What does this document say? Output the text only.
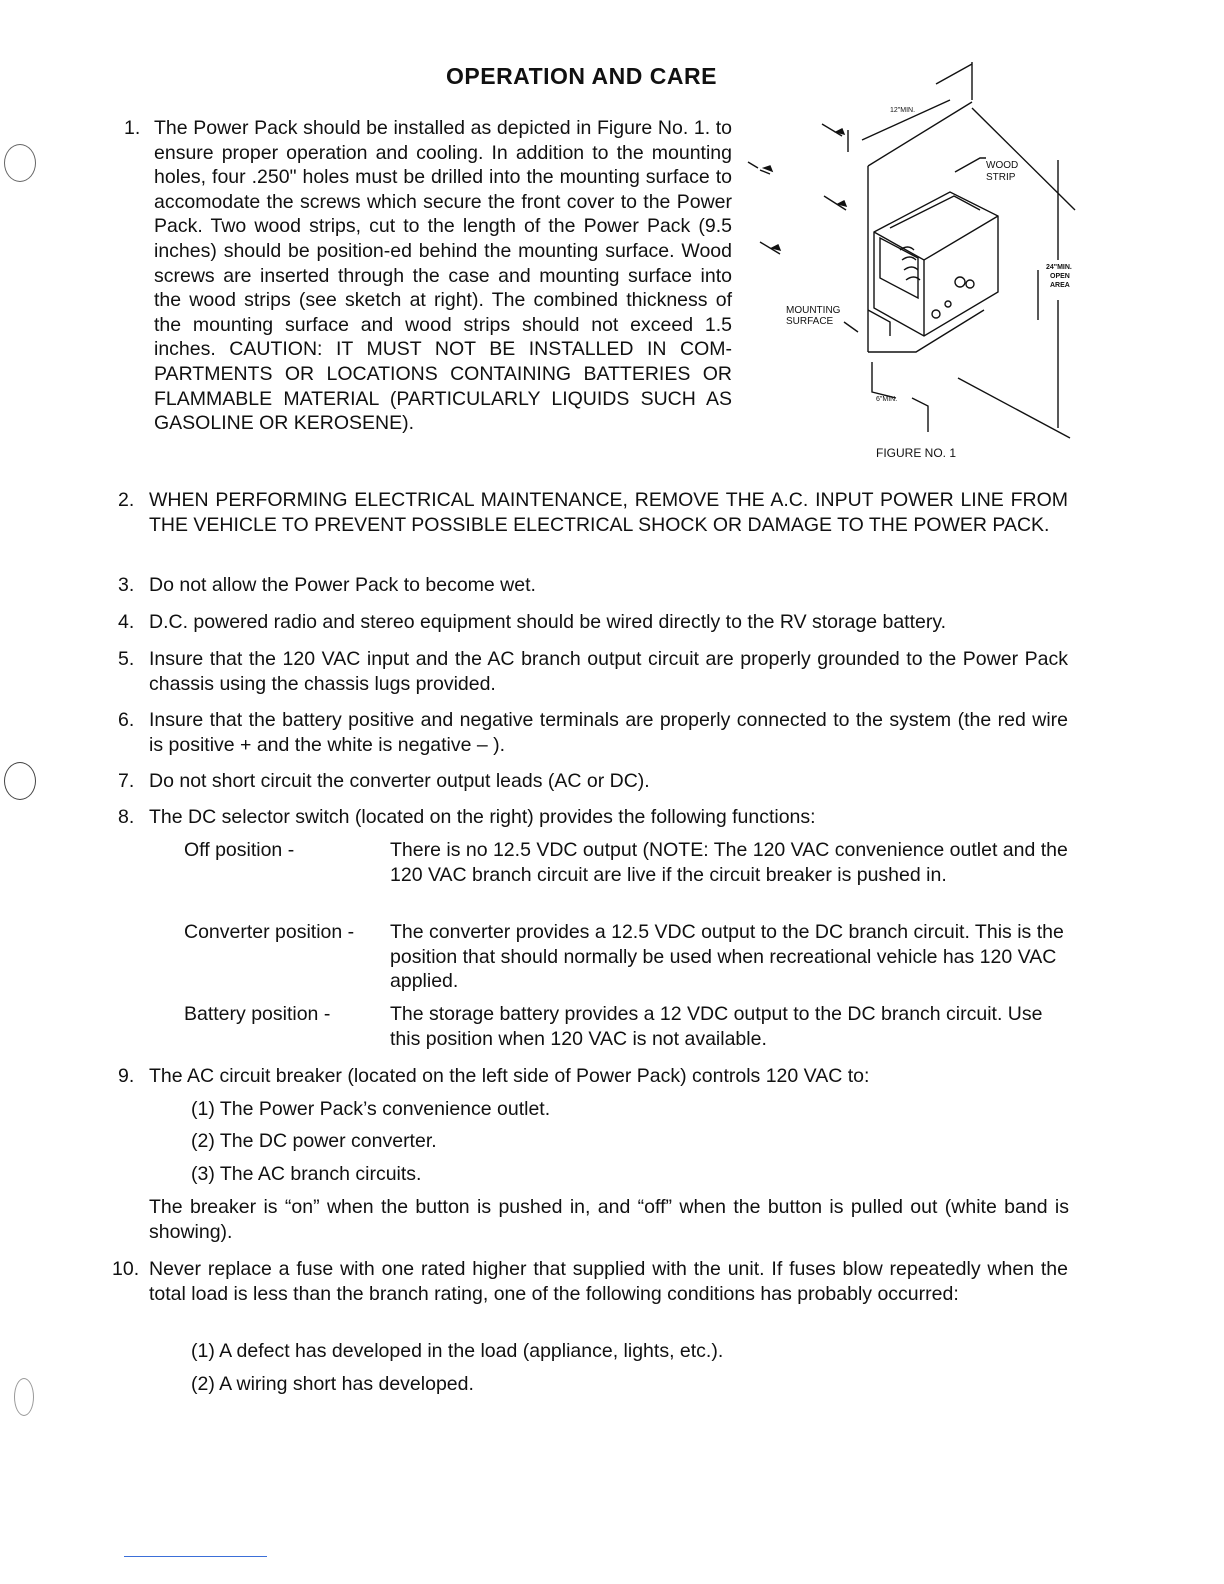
OPERATION AND CARE
1. The Power Pack should be installed as depicted in Figure No. 1. to ensure proper operation and cooling. In addition to the mounting holes, four .250" holes must be drilled into the mounting surface to accomodate the screws which secure the front cover to the Power Pack. Two wood strips, cut to the length of the Power Pack (9.5 inches) should be position-ed behind the mounting surface. Wood screws are inserted through the case and mounting surface into the wood strips (see sketch at right). The combined thickness of the mounting surface and wood strips should not exceed 1.5 inches. CAUTION: IT MUST NOT BE INSTALLED IN COM-PARTMENTS OR LOCATIONS CONTAINING BATTERIES OR FLAMMABLE MATERIAL (PARTICULARLY LIQUIDS SUCH AS GASOLINE OR KEROSENE).
12"MIN.
WOOD
STRIP
MOUNTING
SURFACE
24"MIN.
OPEN
AREA
6"MIN.
FIGURE NO. 1
2. WHEN PERFORMING ELECTRICAL MAINTENANCE, REMOVE THE A.C. INPUT POWER LINE FROM THE VEHICLE TO PREVENT POSSIBLE ELECTRICAL SHOCK OR DAMAGE TO THE POWER PACK.
3. Do not allow the Power Pack to become wet.
4. D.C. powered radio and stereo equipment should be wired directly to the RV storage battery.
5. Insure that the 120 VAC input and the AC branch output circuit are properly grounded to the Power Pack chassis using the chassis lugs provided.
6. Insure that the battery positive and negative terminals are properly connected to the system (the red wire is positive + and the white is negative – ).
7. Do not short circuit the converter output leads (AC or DC).
8. The DC selector switch (located on the right) provides the following functions:
Off position -	There is no 12.5 VDC output (NOTE: The 120 VAC convenience outlet and the 120 VAC branch circuit are live if the circuit breaker is pushed in.
Converter position - The converter provides a 12.5 VDC output to the DC branch circuit. This is the position that should normally be used when recreational vehicle has 120 VAC applied.
Battery position -	The storage battery provides a 12 VDC output to the DC branch circuit. Use this position when 120 VAC is not available.
9. The AC circuit breaker (located on the left side of Power Pack) controls 120 VAC to:
(1) The Power Pack’s convenience outlet.
(2) The DC power converter.
(3) The AC branch circuits.
The breaker is “on” when the button is pushed in, and “off” when the button is pulled out (white band is showing).
10. Never replace a fuse with one rated higher that supplied with the unit. If fuses blow repeatedly when the total load is less than the branch rating, one of the following conditions has probably occurred:
(1) A defect has developed in the load (appliance, lights, etc.).
(2) A wiring short has developed.
